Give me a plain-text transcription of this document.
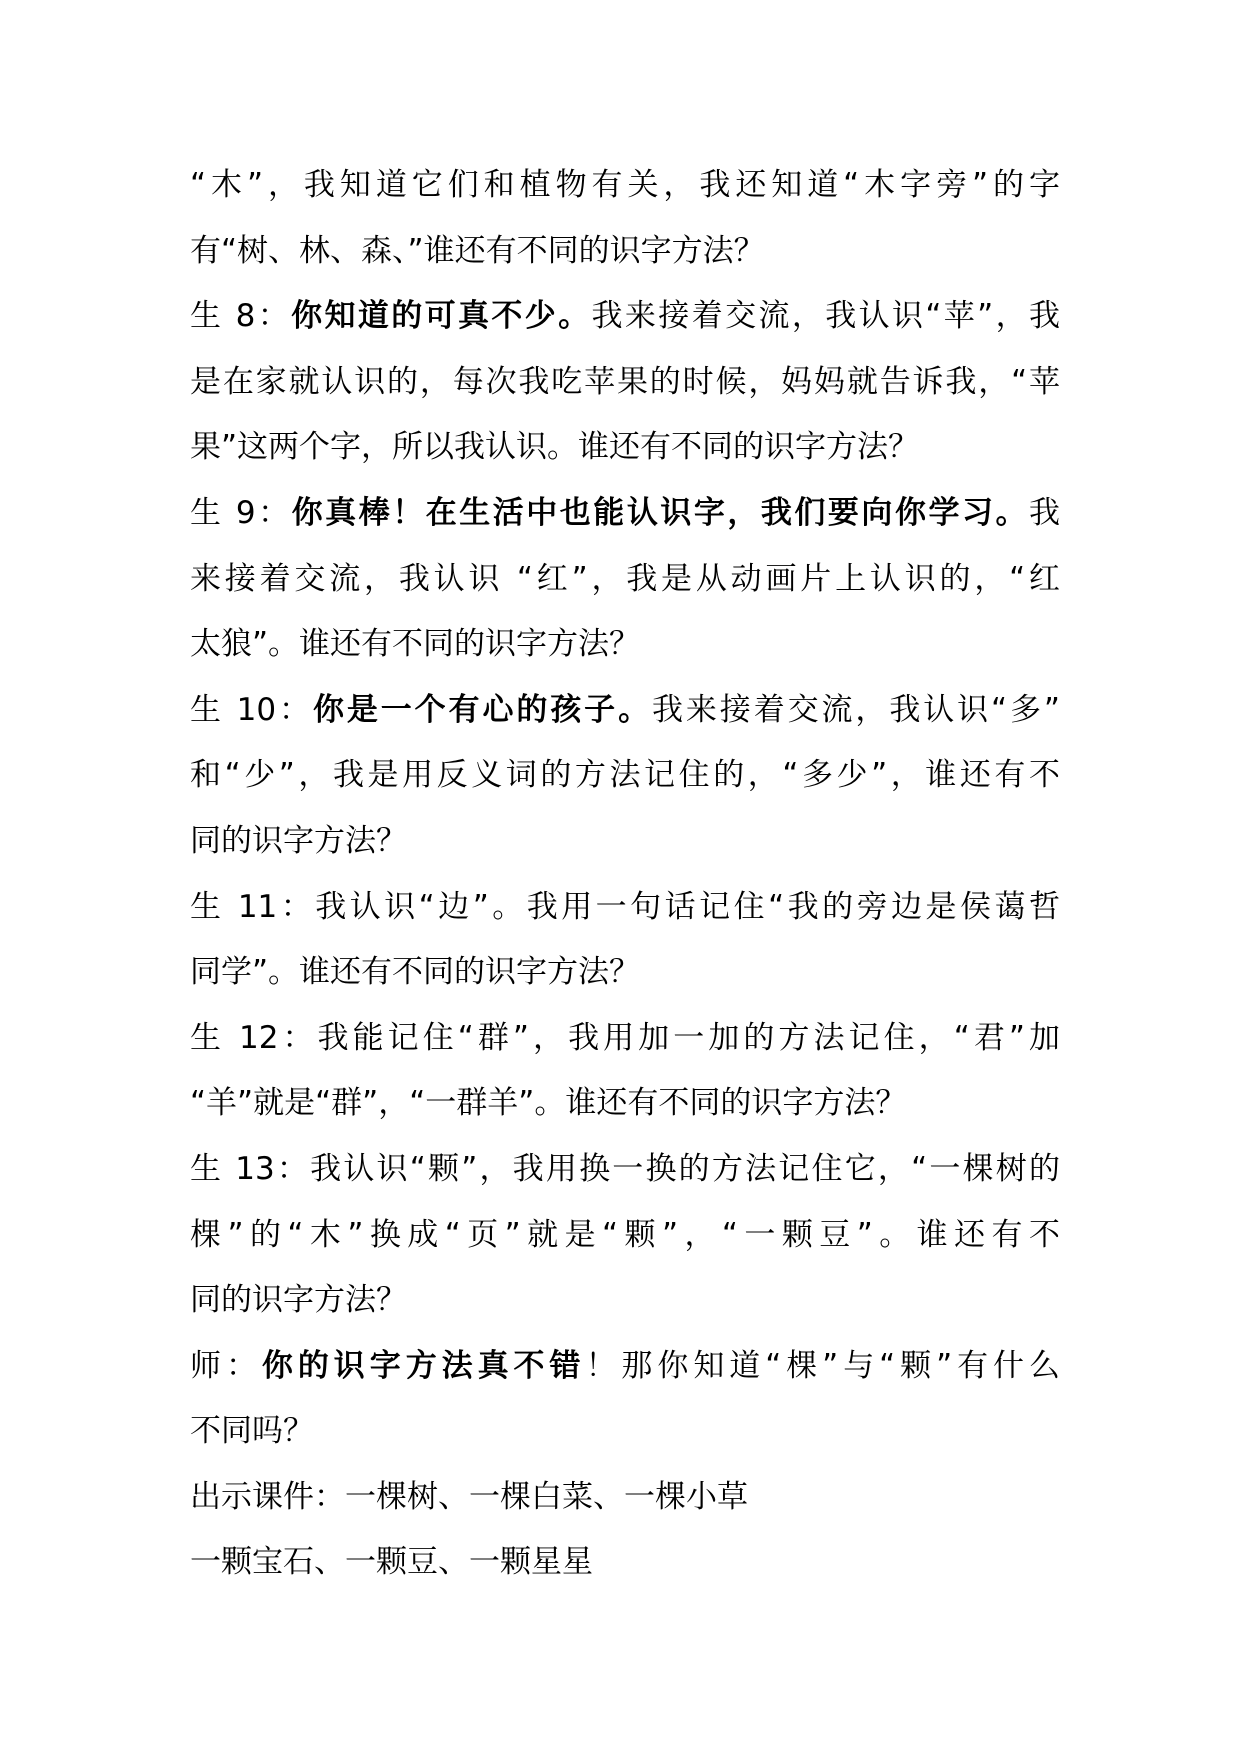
“木”，我知道它们和植物有关，我还知道“木字旁”的字
有“树、林、森、”谁还有不同的识字方法？
生 8：你知道的可真不少。我来接着交流，我认识“苹”，我
是在家就认识的，每次我吃苹果的时候，妈妈就告诉我，“苹
果”这两个字，所以我认识。谁还有不同的识字方法？
生 9：你真棒！在生活中也能认识字，我们要向你学习。我
来接着交流，我认识 “红”，我是从动画片上认识的，“红
太狼”。谁还有不同的识字方法？
生 10：你是一个有心的孩子。我来接着交流，我认识“多”
和“少”，我是用反义词的方法记住的，“多少”，谁还有不
同的识字方法？
生 11：我认识“边”。我用一句话记住“我的旁边是侯蔼哲
同学”。谁还有不同的识字方法？
生 12：我能记住“群”，我用加一加的方法记住，“君”加
“羊”就是“群”，“一群羊”。谁还有不同的识字方法？
生 13：我认识“颗”，我用换一换的方法记住它，“一棵树的
棵”的“木”换成“页”就是“颗”，“一颗豆”。谁还有不
同的识字方法？
师：你的识字方法真不错！那你知道“棵”与“颗”有什么
不同吗？
出示课件：一棵树、一棵白菜、一棵小草
一颗宝石、一颗豆、一颗星星
